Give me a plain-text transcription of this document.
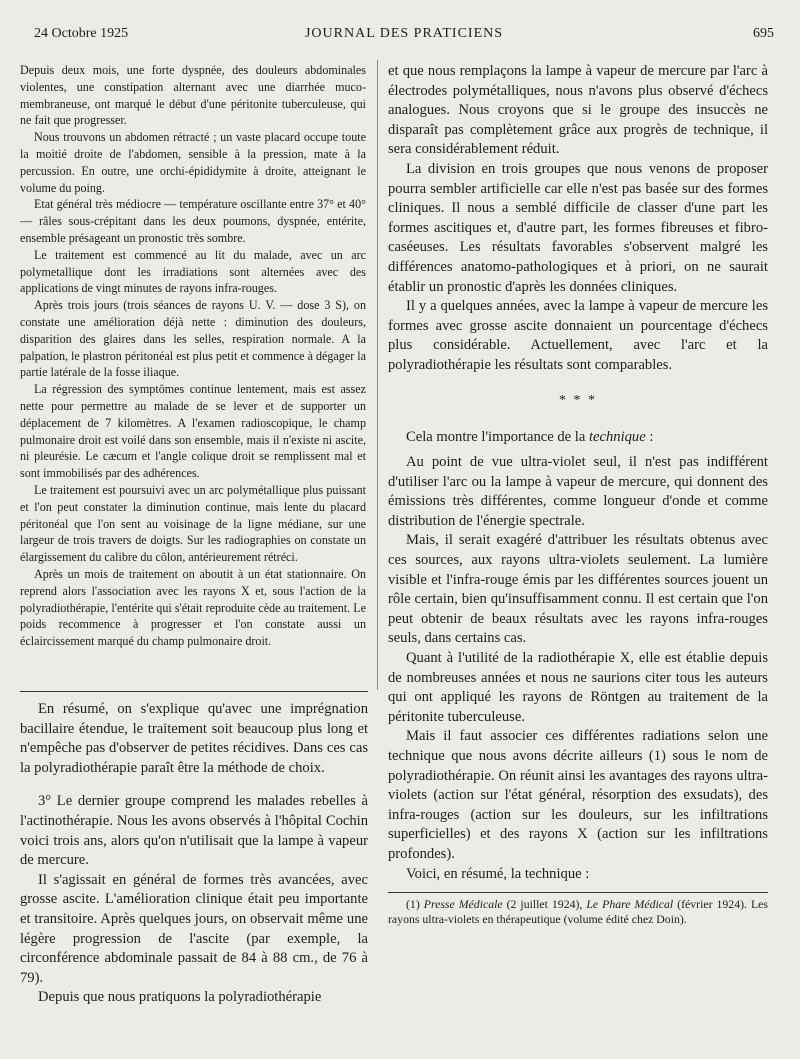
24 Octobre 1925	JOURNAL DES PRATICIENS	695

Depuis deux mois, une forte dyspnée, des douleurs abdominales violentes, une constipation alternant avec une diarrhée muco-membraneuse, ont marqué le début d'une péritonite tuberculeuse, qui ne fait que progresser.

Nous trouvons un abdomen rétracté ; un vaste placard occupe toute la moitié droite de l'abdomen, sensible à la pression, mate à la percussion. En outre, une orchi-épididymite à droite, atteignant le volume du poing.

Etat général très médiocre — température oscillante entre 37° et 40° — râles sous-crépitant dans les deux poumons, dyspnée, entérite, ensemble présageant un pronostic très sombre.

Le traitement est commencé au lit du malade, avec un arc polymetallique dont les irradiations sont alternées avec des applications de vingt minutes de rayons infra-rouges.

Après trois jours (trois séances de rayons U. V. — dose 3 S), on constate une amélioration déjà nette : diminution des douleurs, disparition des glaires dans les selles, respiration normale. A la palpation, le plastron péritonéal est plus petit et commence à dégager la partie latérale de la fosse iliaque.

La régression des symptômes continue lentement, mais est assez nette pour permettre au malade de se lever et de supporter un déplacement de 7 kilomètres. A l'examen radioscopique, le champ pulmonaire droit est voilé dans son ensemble, mais il n'existe ni ascite, ni pleurésie. Le cæcum et l'angle colique droit se remplissent mal et sont immobilisés par des adhérences.

Le traitement est poursuivi avec un arc polymétallique plus puissant et l'on peut constater la diminution continue, mais lente du placard péritonéal que l'on sent au voisinage de la ligne médiane, sur une largeur de trois travers de doigts. Sur les radiographies on constate un élargissement du calibre du côlon, antérieurement rétréci.

Après un mois de traitement on aboutit à un état stationnaire. On reprend alors l'association avec les rayons X et, sous l'action de la polyradiothérapie, l'entérite qui s'était reproduite cède au traitement. Le poids recommence à progresser et l'on constate aussi un éclaircissement marqué du champ pulmonaire droit.

En résumé, on s'explique qu'avec une imprégnation bacillaire étendue, le traitement soit beaucoup plus long et n'empêche pas d'observer de petites récidives. Dans ces cas la polyradiothérapie paraît être la méthode de choix.

3° Le dernier groupe comprend les malades rebelles à l'actinothérapie. Nous les avons observés à l'hôpital Cochin voici trois ans, alors qu'on n'utilisait que la lampe à vapeur de mercure.

Il s'agissait en général de formes très avancées, avec grosse ascite. L'amélioration clinique était peu importante et transitoire. Après quelques jours, on observait même une légère progression de l'ascite (par exemple, la circonférence abdominale passait de 84 à 88 cm., de 76 à 79).

Depuis que nous pratiquons la polyradiothérapie

et que nous remplaçons la lampe à vapeur de mercure par l'arc à électrodes polymétalliques, nous n'avons plus observé d'échecs analogues. Nous croyons que si le groupe des insuccès ne disparaît pas complètement grâce aux progrès de technique, il sera considérablement réduit.

La division en trois groupes que nous venons de proposer pourra sembler artificielle car elle n'est pas basée sur des formes cliniques. Il nous a semblé difficile de classer d'une part les formes ascitiques et, d'autre part, les formes fibreuses et fibro-caséeuses. Les résultats favorables s'observent malgré les différences anatomo-pathologiques et à priori, on ne saurait établir un pronostic d'après les données cliniques.

Il y a quelques années, avec la lampe à vapeur de mercure les formes avec grosse ascite donnaient un pourcentage d'échecs plus considérable. Actuellement, avec l'arc et la polyradiothérapie les résultats sont comparables.

* * *

Cela montre l'importance de la technique :

Au point de vue ultra-violet seul, il n'est pas indifférent d'utiliser l'arc ou la lampe à vapeur de mercure, qui donnent des émissions très différentes, comme longueur d'onde et comme distribution de l'énergie spectrale.

Mais, il serait exagéré d'attribuer les résultats obtenus avec ces sources, aux rayons ultra-violets seulement. La lumière visible et l'infra-rouge émis par les différentes sources jouent un rôle certain, bien qu'insuffisamment connu. Il est certain que l'on peut obtenir de beaux résultats avec les rayons infra-rouges seuls, dans certains cas.

Quant à l'utilité de la radiothérapie X, elle est établie depuis de nombreuses années et nous ne saurions citer tous les auteurs qui ont appliqué les rayons de Röntgen au traitement de la péritonite tuberculeuse.

Mais il faut associer ces différentes radiations selon une technique que nous avons décrite ailleurs (1) sous le nom de polyradiothérapie. On réunit ainsi les avantages des rayons ultra-violets (action sur l'état général, résorption des exsudats), des infra-rouges (action sur les douleurs, sur les infiltrations superficielles) et des rayons X (action sur les infiltrations profondes).

Voici, en résumé, la technique :

(1) Presse Médicale (2 juillet 1924), Le Phare Médical (février 1924). Les rayons ultra-violets en thérapeutique (volume édité chez Doin).
